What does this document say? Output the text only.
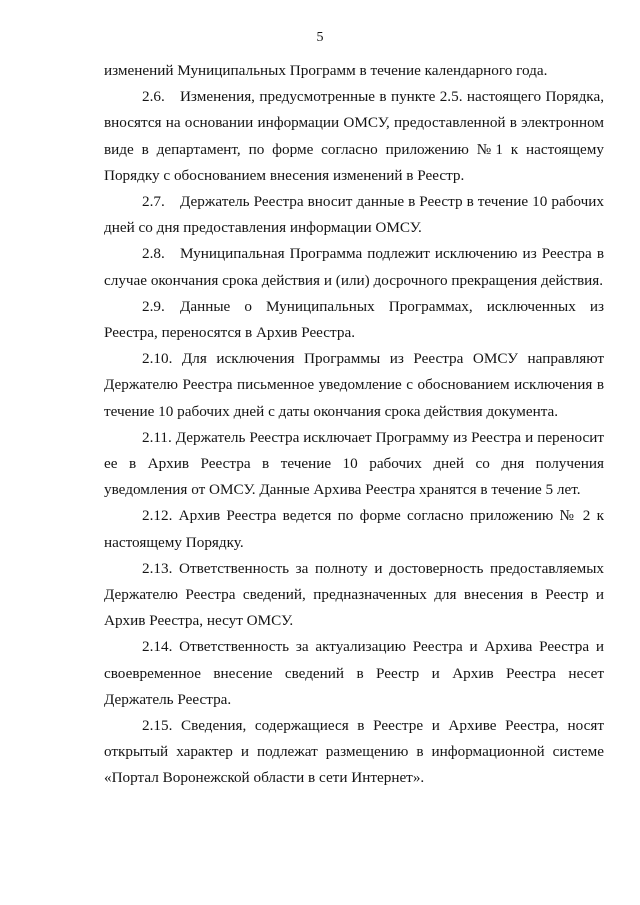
5

изменений Муниципальных Программ в течение календарного года.

2.6. Изменения, предусмотренные в пункте 2.5. настоящего Порядка, вносятся на основании информации ОМСУ, предоставленной в электронном виде в департамент, по форме согласно приложению №1 к настоящему Порядку с обоснованием внесения изменений в Реестр.

2.7. Держатель Реестра вносит данные в Реестр в течение 10 рабочих дней со дня предоставления информации ОМСУ.

2.8. Муниципальная Программа подлежит исключению из Реестра в случае окончания срока действия и (или) досрочного прекращения действия.

2.9. Данные о Муниципальных Программах, исключенных из Реестра, переносятся в Архив Реестра.

2.10. Для исключения Программы из Реестра ОМСУ направляют Держателю Реестра письменное уведомление с обоснованием исключения в течение 10 рабочих дней с даты окончания срока действия документа.

2.11. Держатель Реестра исключает Программу из Реестра и переносит ее в Архив Реестра в течение 10 рабочих дней со дня получения уведомления от ОМСУ. Данные Архива Реестра хранятся в течение 5 лет.

2.12. Архив Реестра ведется по форме согласно приложению № 2 к настоящему Порядку.

2.13. Ответственность за полноту и достоверность предоставляемых Держателю Реестра сведений, предназначенных для внесения в Реестр и Архив Реестра, несут ОМСУ.

2.14. Ответственность за актуализацию Реестра и Архива Реестра и своевременное внесение сведений в Реестр и Архив Реестра несет Держатель Реестра.

2.15. Сведения, содержащиеся в Реестре и Архиве Реестра, носят открытый характер и подлежат размещению в информационной системе «Портал Воронежской области в сети Интернет».
